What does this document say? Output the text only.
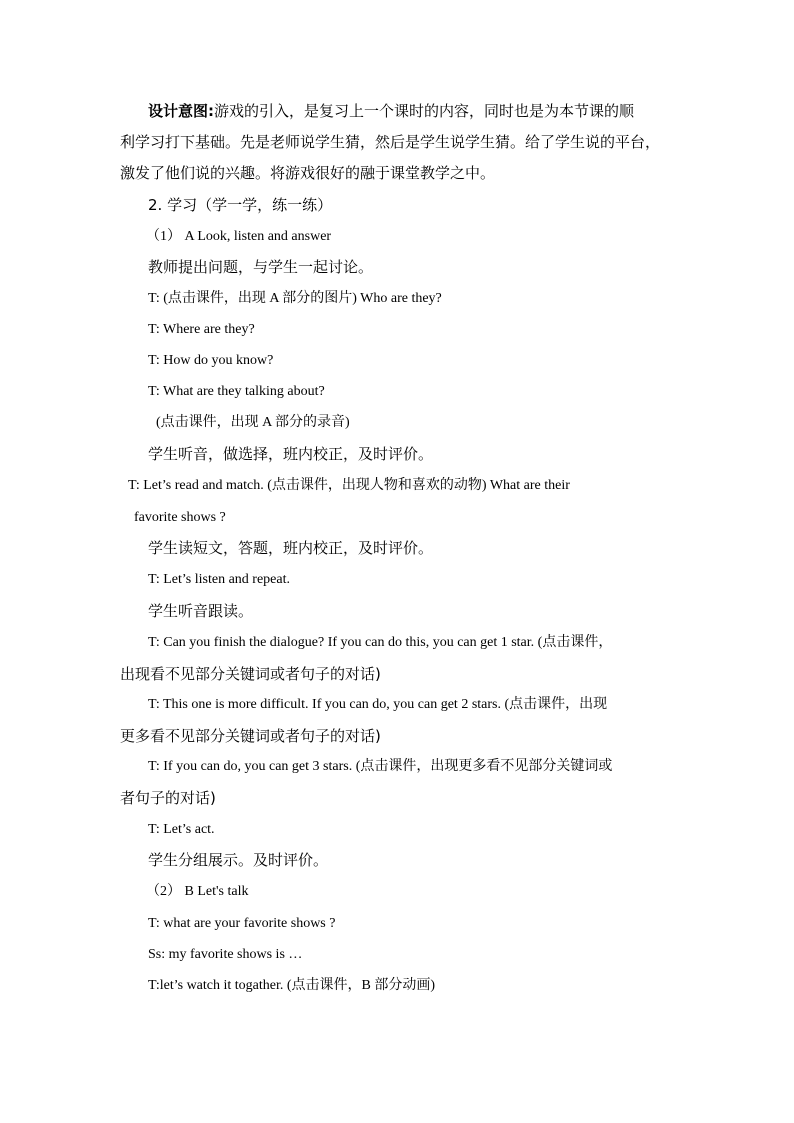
设计意图:游戏的引入，是复习上一个课时的内容，同时也是为本节课的顺
利学习打下基础。先是老师说学生猜，然后是学生说学生猜。给了学生说的平台，
激发了他们说的兴趣。将游戏很好的融于课堂教学之中。
2. 学习（学一学，练一练）
（1） A Look, listen and answer
教师提出问题，与学生一起讨论。
T: (点击课件，出现 A 部分的图片) Who are they?
T: Where are they?
T: How do you know?
T: What are they talking about?
(点击课件，出现 A 部分的录音)
学生听音，做选择，班内校正，及时评价。
T: Let’s read and match. (点击课件，出现人物和喜欢的动物) What are their
favorite shows ?
学生读短文，答题，班内校正，及时评价。
T: Let’s listen and repeat.
学生听音跟读。
T: Can you finish the dialogue? If you can do this, you can get 1 star. (点击课件，
出现看不见部分关键词或者句子的对话)
T: This one is more difficult. If you can do, you can get 2 stars. (点击课件，出现
更多看不见部分关键词或者句子的对话)
T: If you can do, you can get 3 stars. (点击课件，出现更多看不见部分关键词或
者句子的对话)
T: Let’s act.
学生分组展示。及时评价。
（2） B Let's talk
T: what are your favorite shows ?
Ss: my favorite shows is …
T:let’s watch it togather. (点击课件，B 部分动画)
